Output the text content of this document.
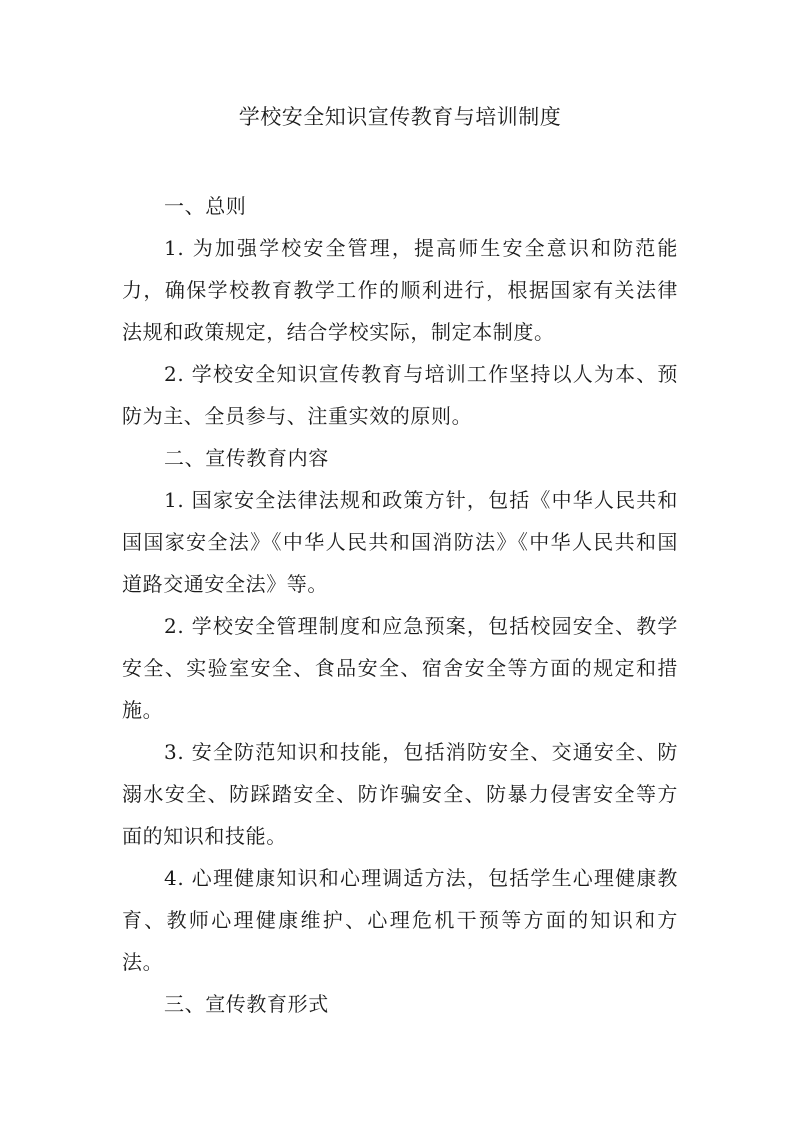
学校安全知识宣传教育与培训制度

一、总则

1. 为加强学校安全管理，提高师生安全意识和防范能力，确保学校教育教学工作的顺利进行，根据国家有关法律法规和政策规定，结合学校实际，制定本制度。

2. 学校安全知识宣传教育与培训工作坚持以人为本、预防为主、全员参与、注重实效的原则。

二、宣传教育内容

1. 国家安全法律法规和政策方针，包括《中华人民共和国国家安全法》《中华人民共和国消防法》《中华人民共和国道路交通安全法》等。

2. 学校安全管理制度和应急预案，包括校园安全、教学安全、实验室安全、食品安全、宿舍安全等方面的规定和措施。

3. 安全防范知识和技能，包括消防安全、交通安全、防溺水安全、防踩踏安全、防诈骗安全、防暴力侵害安全等方面的知识和技能。

4. 心理健康知识和心理调适方法，包括学生心理健康教育、教师心理健康维护、心理危机干预等方面的知识和方法。

三、宣传教育形式
